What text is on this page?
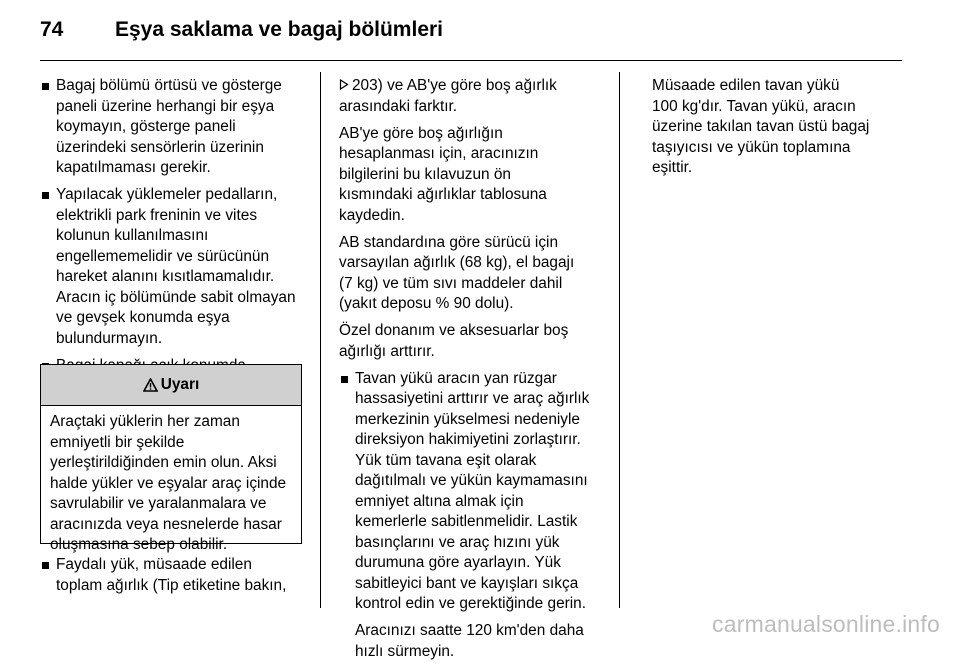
74 Eşya saklama ve bagaj bölümleri
Bagaj bölümü örtüsü ve gösterge
paneli üzerine herhangi bir eşya
koymayın, gösterge paneli
üzerindeki sensörlerin üzerinin
kapatılmaması gerekir.
Yapılacak yüklemeler pedalların,
elektrikli park freninin ve vites
kolunun kullanılmasını
engellememelidir ve sürücünün
hareket alanını kısıtlamamalıdır.
Aracın iç bölümünde sabit olmayan
ve gevşek konumda eşya
bulundurmayın.
Uyarı
Araçtaki yüklerin her zaman
emniyetli bir şekilde
yerleştirildiğinden emin olun. Aksi
halde yükler ve eşyalar araç içinde
savrulabilir ve yaralanmalara ve
aracınızda veya nesnelerde hasar
oluşmasına sebep olabilir.
Faydalı yük, müsaade edilen
toplam ağırlık (Tip etiketine bakın,

203) ve AB'ye göre boş ağırlık
arasındaki farktır.

AB'ye göre boş ağırlığın
hesaplanması için, aracınızın
bilgilerini bu kılavuzun ön
kısmındaki ağırlıklar tablosuna
kaydedin.

AB standardına göre sürücü için
varsayılan ağırlık (68 kg), el bagajı
(7 kg) ve tüm sıvı maddeler dahil
(yakıt deposu % 90 dolu).

Özel donanım ve aksesuarlar boş
ağırlığı arttırır.

Tavan yükü aracın yan rüzgar
hassasiyetini arttırır ve araç ağırlık
merkezinin yükselmesi nedeniyle
direksiyon hakimiyetini zorlaştırır.
Yük tüm tavana eşit olarak
dağıtılmalı ve yükün kaymamasını
emniyet altına almak için
kemerlerle sabitlenmelidir. Lastik
basınçlarını ve araç hızını yük
durumuna göre ayarlayın. Yük
sabitleyici bant ve kayışları sıkça
kontrol edin ve gerektiğinde gerin.

Aracınızı saatte 120 km'den daha
hızlı sürmeyin.

Müsaade edilen tavan yükü
100 kg'dır. Tavan yükü, aracın
üzerine takılan tavan üstü bagaj
taşıyıcısı ve yükün toplamına
eşittir.

carmanualsonline.info
